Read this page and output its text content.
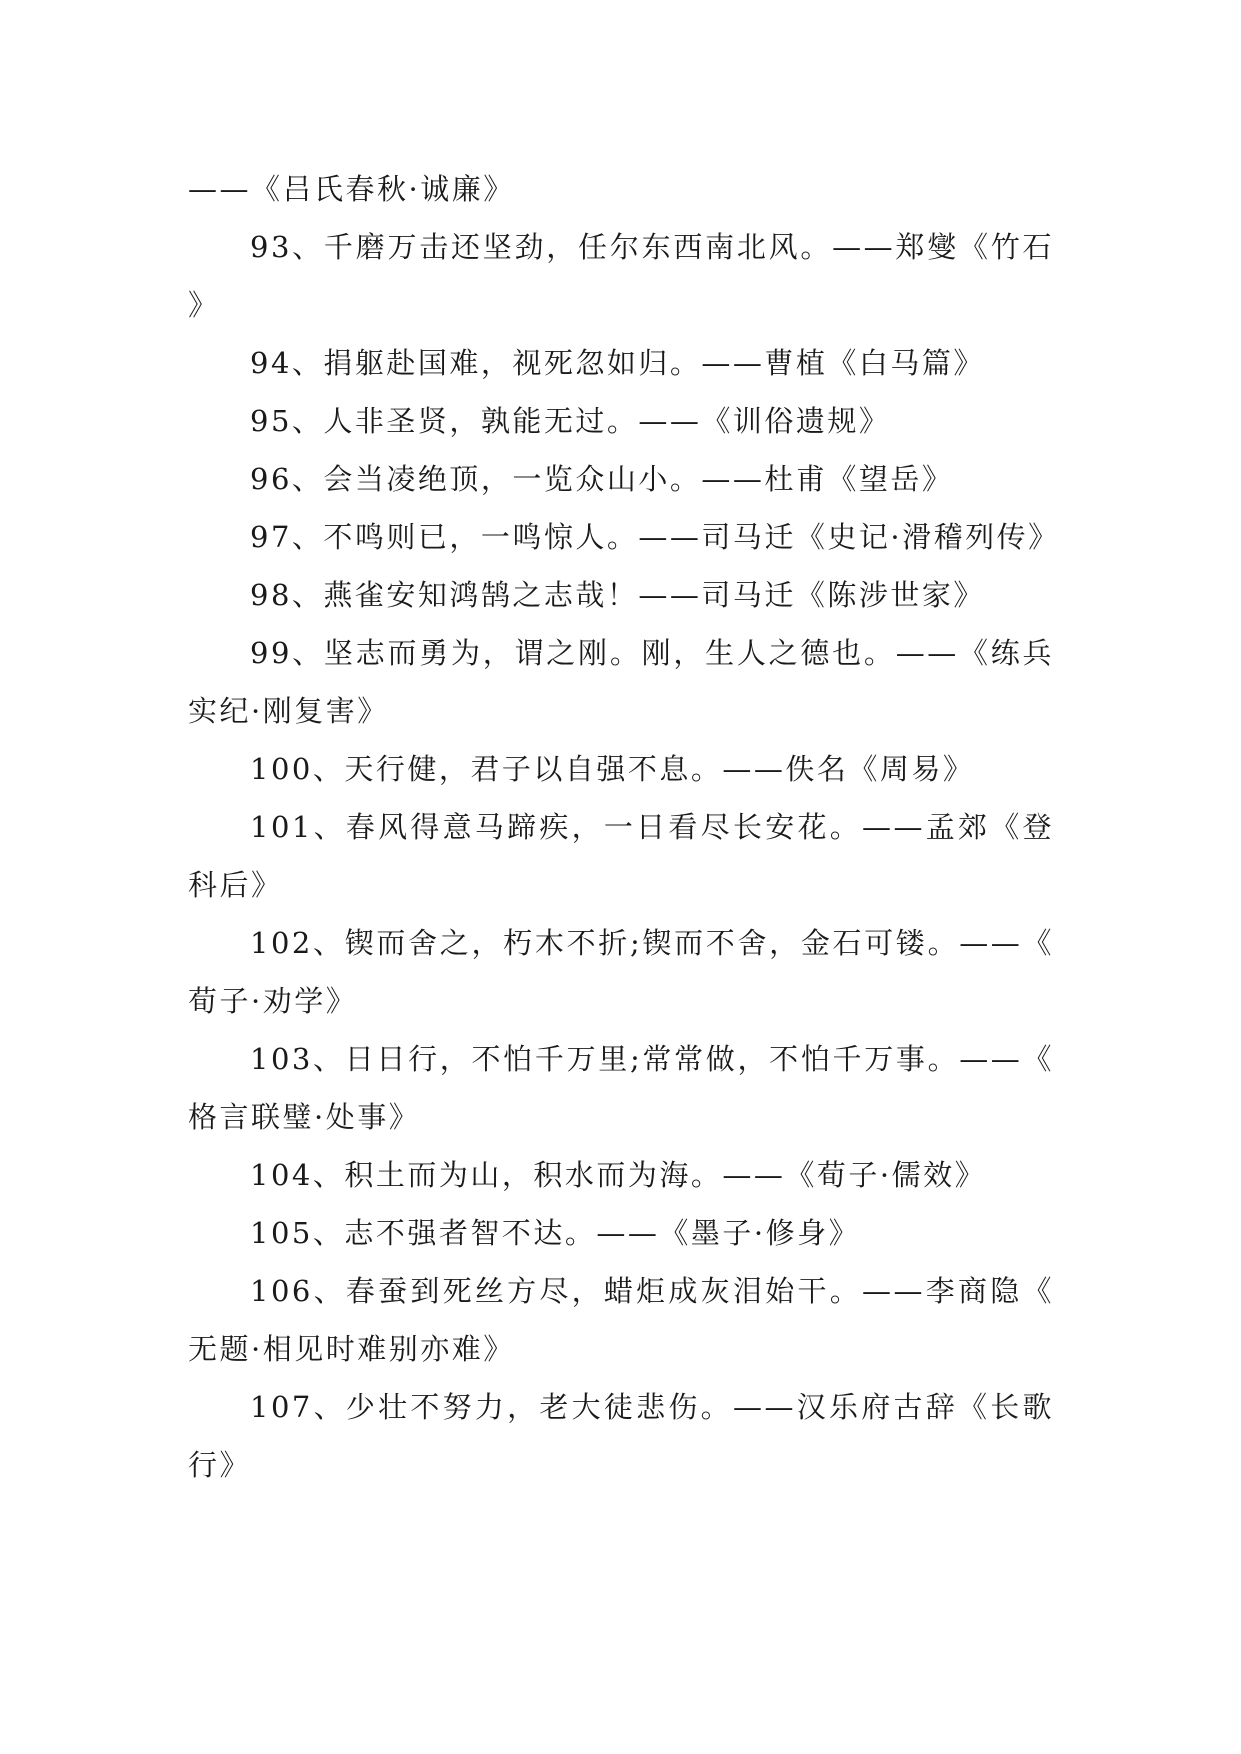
——《吕氏春秋·诚廉》

93、千磨万击还坚劲，任尔东西南北风。——郑燮《竹石》

94、捐躯赴国难，视死忽如归。——曹植《白马篇》

95、人非圣贤，孰能无过。——《训俗遗规》

96、会当凌绝顶，一览众山小。——杜甫《望岳》

97、不鸣则已，一鸣惊人。——司马迁《史记·滑稽列传》

98、燕雀安知鸿鹄之志哉！——司马迁《陈涉世家》

99、坚志而勇为，谓之刚。刚，生人之德也。——《练兵实纪·刚复害》

100、天行健，君子以自强不息。——佚名《周易》

101、春风得意马蹄疾，一日看尽长安花。——孟郊《登科后》

102、锲而舍之，朽木不折;锲而不舍，金石可镂。——《荀子·劝学》

103、日日行，不怕千万里;常常做，不怕千万事。——《格言联璧·处事》

104、积土而为山，积水而为海。——《荀子·儒效》

105、志不强者智不达。——《墨子·修身》

106、春蚕到死丝方尽，蜡炬成灰泪始干。——李商隐《无题·相见时难别亦难》

107、少壮不努力，老大徒悲伤。——汉乐府古辞《长歌行》
